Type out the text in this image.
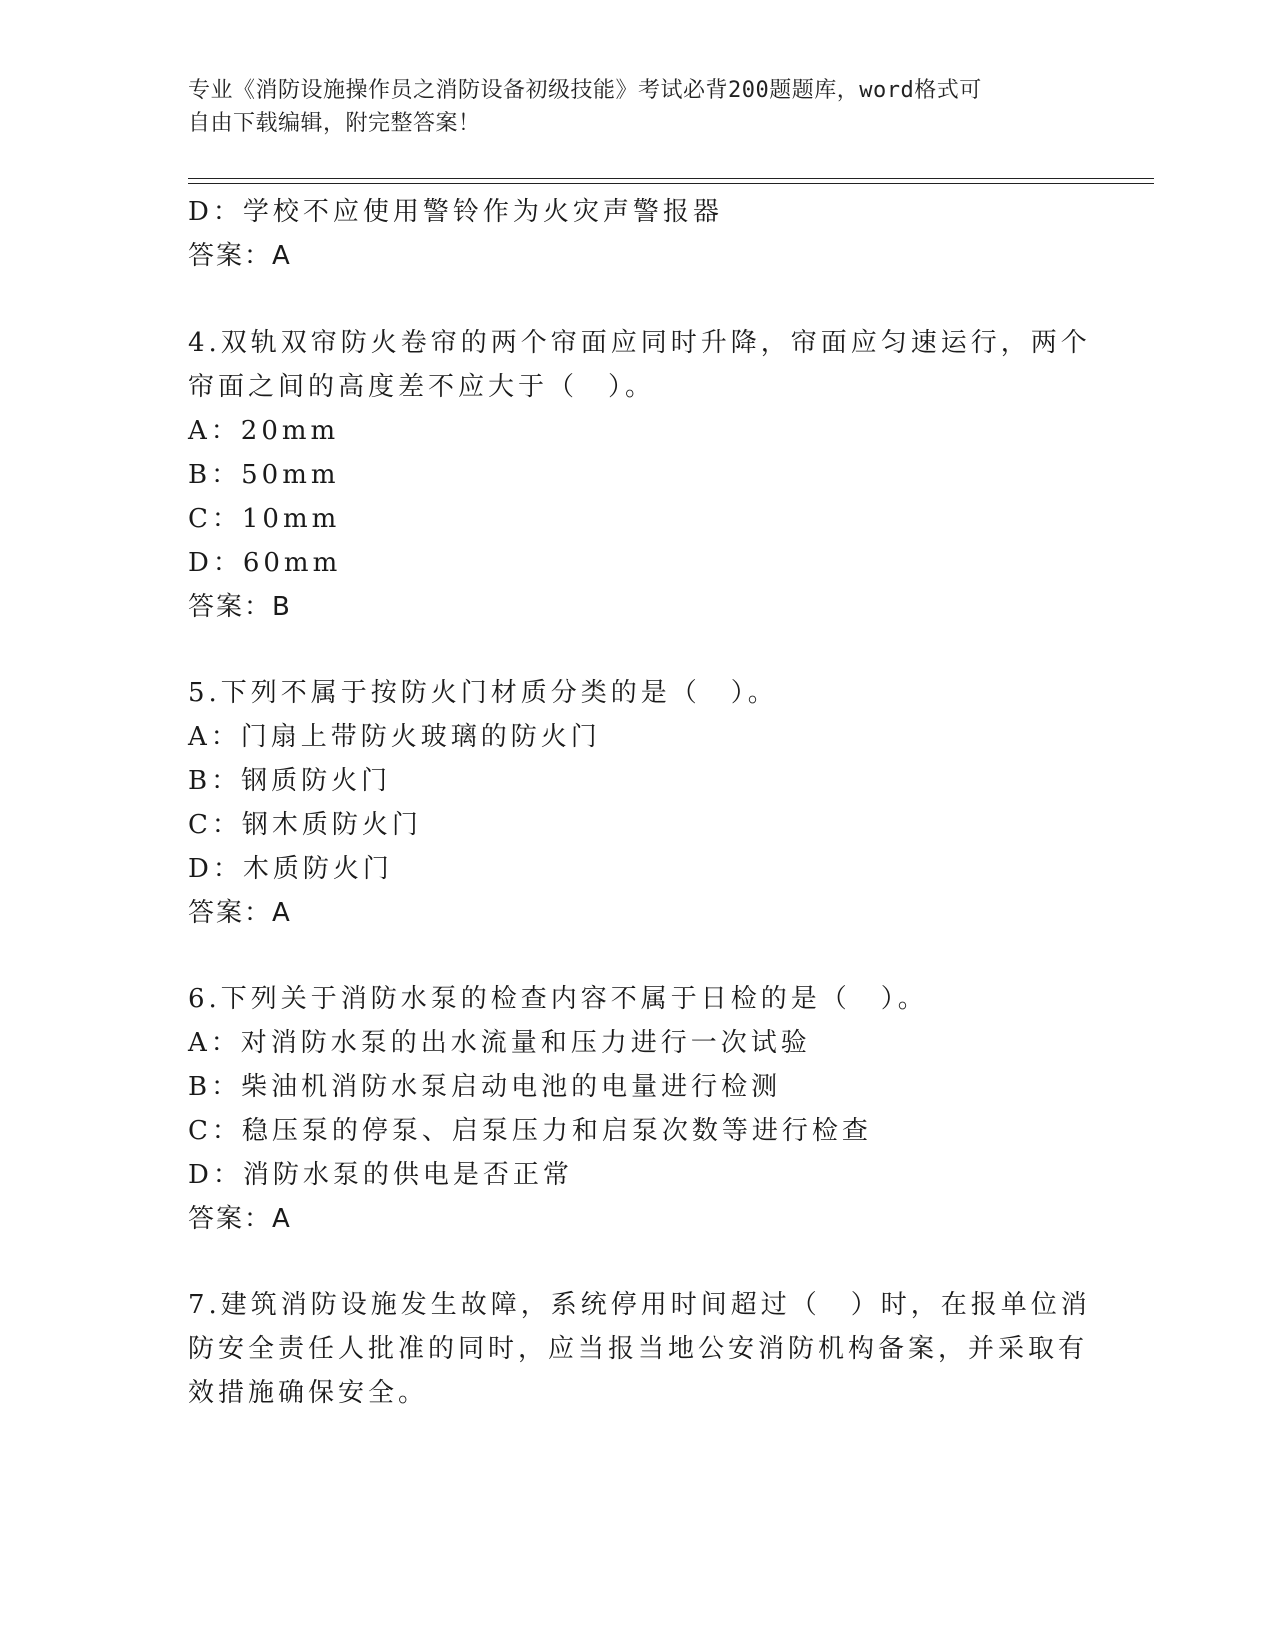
专业《消防设施操作员之消防设备初级技能》考试必背200题题库，word格式可
自由下载编辑，附完整答案！
D：学校不应使用警铃作为火灾声警报器
答案：A
4.双轨双帘防火卷帘的两个帘面应同时升降，帘面应匀速运行，两个
帘面之间的高度差不应大于（　）。
A：20mm
B：50mm
C：10mm
D：60mm
答案：B
5.下列不属于按防火门材质分类的是（　）。
A：门扇上带防火玻璃的防火门
B：钢质防火门
C：钢木质防火门
D：木质防火门
答案：A
6.下列关于消防水泵的检查内容不属于日检的是（　）。
A：对消防水泵的出水流量和压力进行一次试验
B：柴油机消防水泵启动电池的电量进行检测
C：稳压泵的停泵、启泵压力和启泵次数等进行检查
D：消防水泵的供电是否正常
答案：A
7.建筑消防设施发生故障，系统停用时间超过（　）时，在报单位消
防安全责任人批准的同时，应当报当地公安消防机构备案，并采取有
效措施确保安全。
